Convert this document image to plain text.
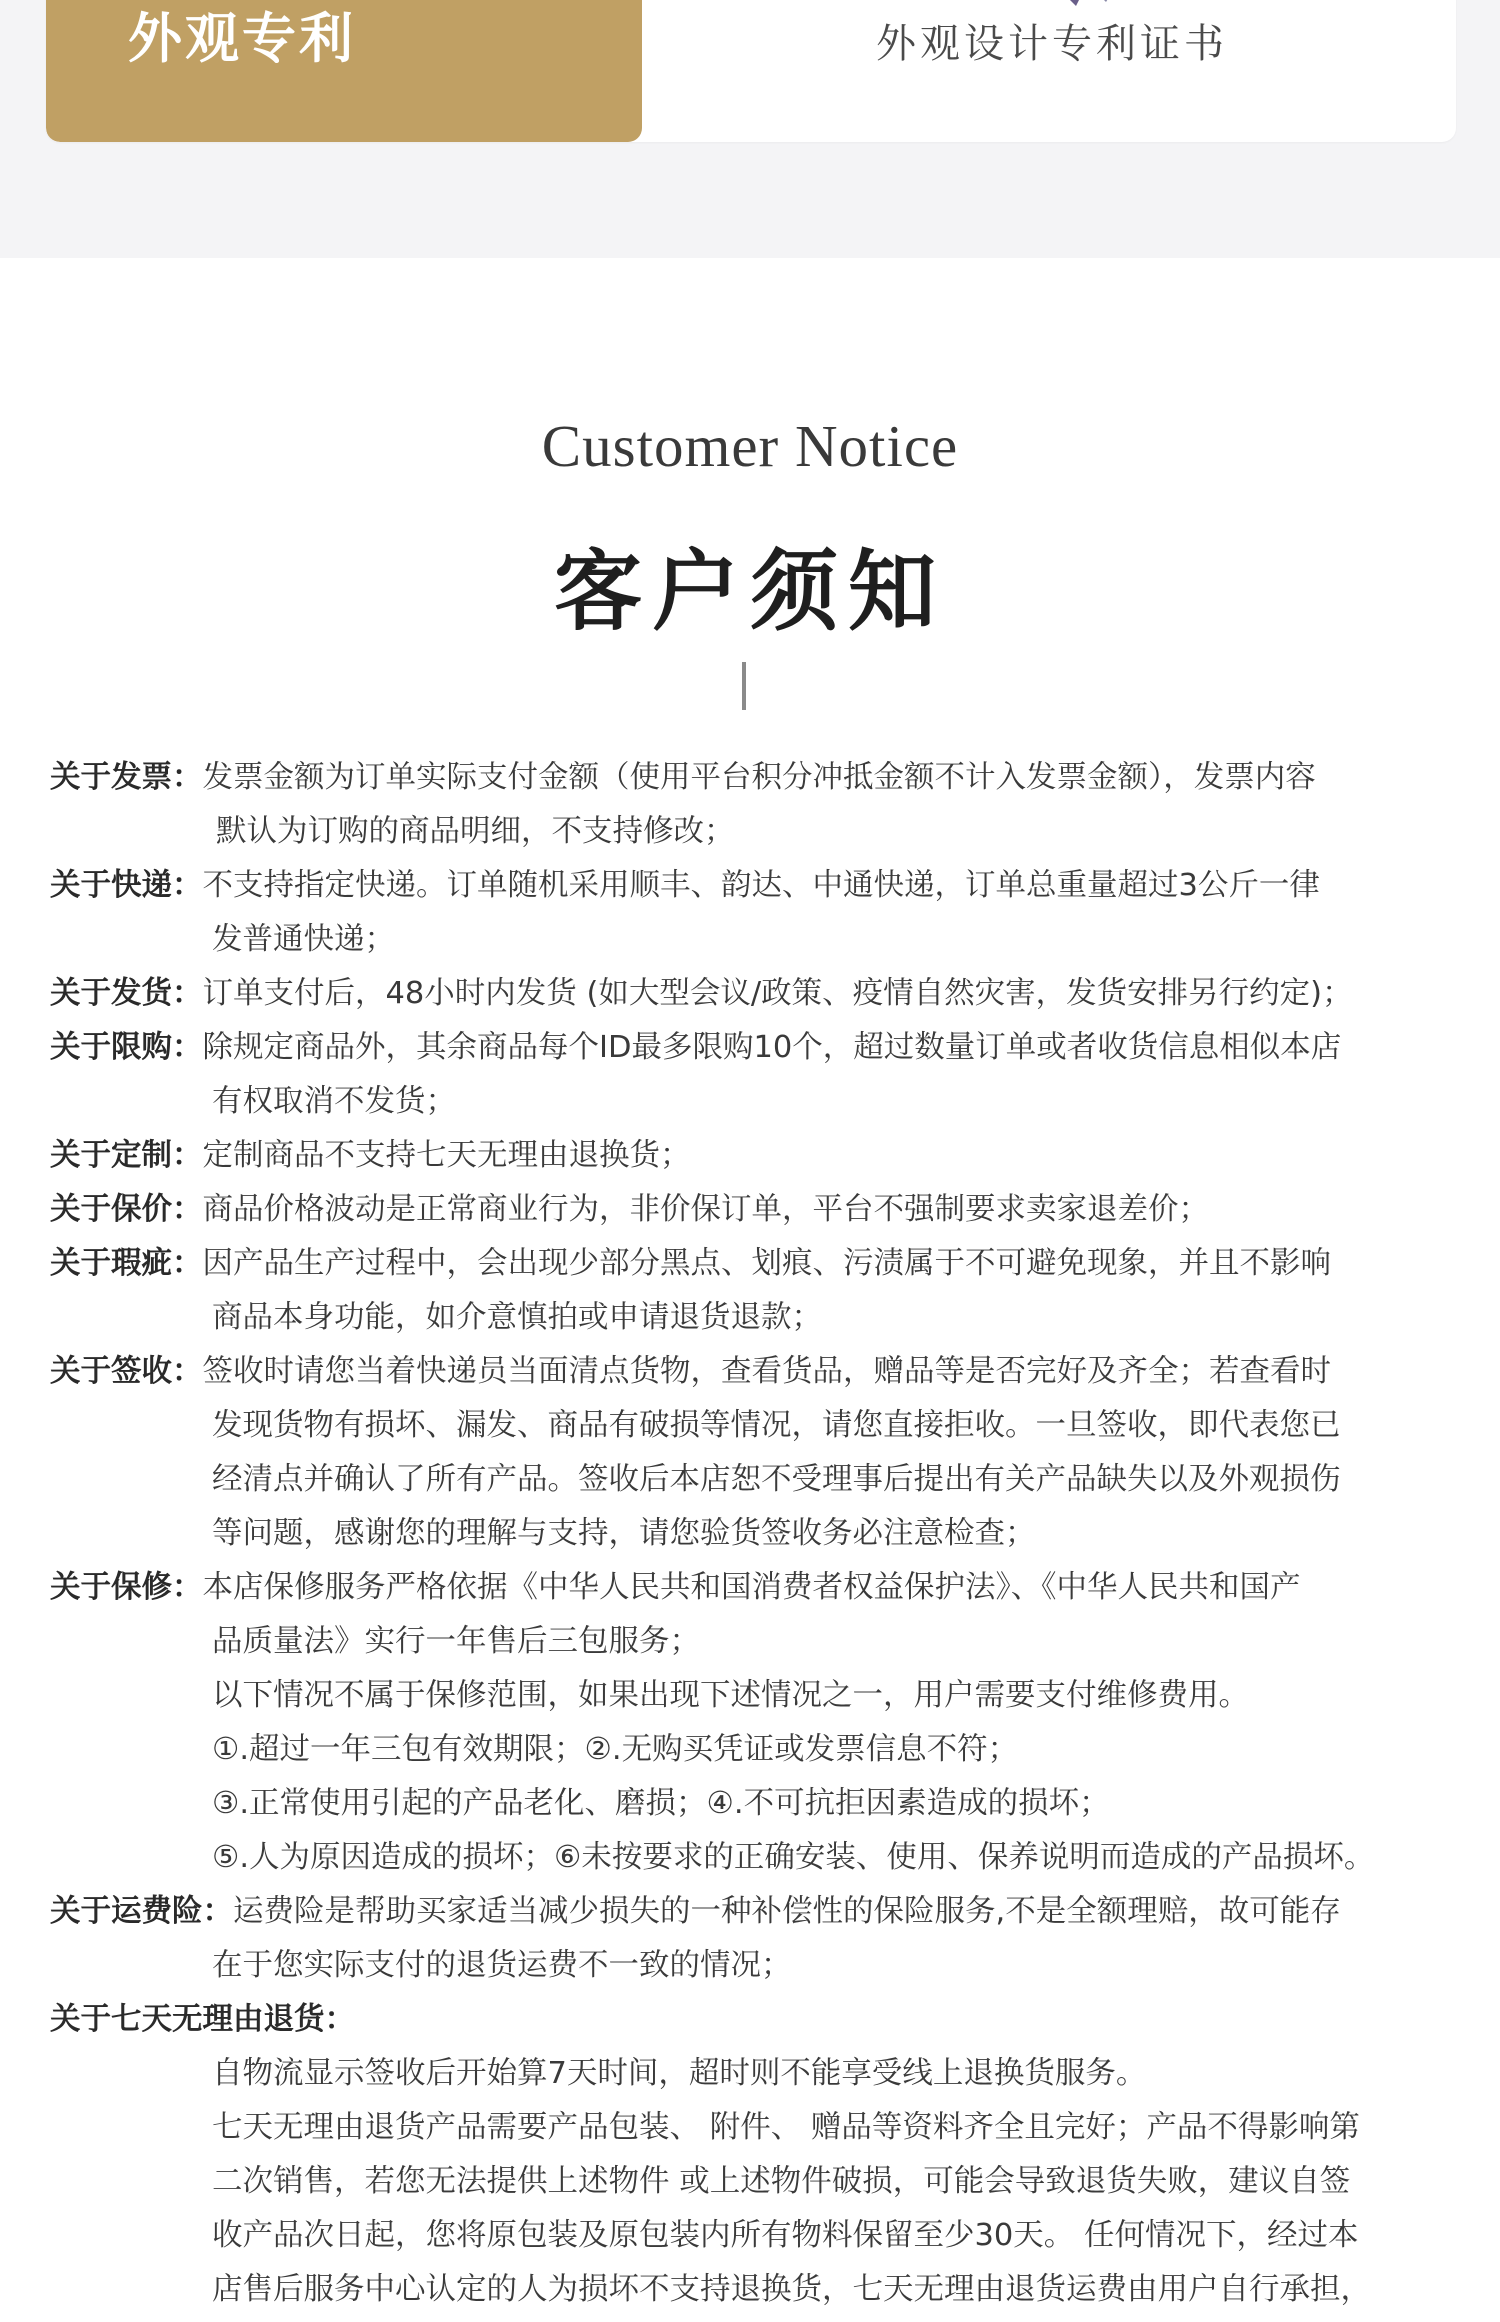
外观专利	外观设计专利证书
Customer Notice
客户须知
关于发票：发票金额为订单实际支付金额（使用平台积分冲抵金额不计入发票金额），发票内容
默认为订购的商品明细，不支持修改；
关于快递：不支持指定快递。订单随机采用顺丰、韵达、中通快递，订单总重量超过3公斤一律
发普通快递；
关于发货：订单支付后，48小时内发货 (如大型会议/政策、疫情自然灾害，发货安排另行约定)；
关于限购：除规定商品外，其余商品每个ID最多限购10个，超过数量订单或者收货信息相似本店
有权取消不发货；
关于定制：定制商品不支持七天无理由退换货；
关于保价：商品价格波动是正常商业行为，非价保订单，平台不强制要求卖家退差价；
关于瑕疵：因产品生产过程中，会出现少部分黑点、划痕、污渍属于不可避免现象，并且不影响
商品本身功能，如介意慎拍或申请退货退款；
关于签收：签收时请您当着快递员当面清点货物，查看货品，赠品等是否完好及齐全；若查看时
发现货物有损坏、漏发、商品有破损等情况，请您直接拒收。一旦签收，即代表您已
经清点并确认了所有产品。签收后本店恕不受理事后提出有关产品缺失以及外观损伤
等问题，感谢您的理解与支持，请您验货签收务必注意检查；
关于保修：本店保修服务严格依据《中华人民共和国消费者权益保护法》、《中华人民共和国产
品质量法》实行一年售后三包服务；
以下情况不属于保修范围，如果出现下述情况之一，用户需要支付维修费用。
①.超过一年三包有效期限；②.无购买凭证或发票信息不符；
③.正常使用引起的产品老化、磨损；④.不可抗拒因素造成的损坏；
⑤.人为原因造成的损坏；⑥未按要求的正确安装、使用、保养说明而造成的产品损坏。
关于运费险：运费险是帮助买家适当减少损失的一种补偿性的保险服务,不是全额理赔，故可能存
在于您实际支付的退货运费不一致的情况；
关于七天无理由退货：
自物流显示签收后开始算7天时间，超时则不能享受线上退换货服务。
七天无理由退货产品需要产品包装、 附件、 赠品等资料齐全且完好；产品不得影响第
二次销售，若您无法提供上述物件 或上述物件破损，可能会导致退货失败，建议自签
收产品次日起，您将原包装及原包装内所有物料保留至少30天。 任何情况下，经过本
店售后服务中心认定的人为损坏不支持退换货，七天无理由退货运费由用户自行承担，
